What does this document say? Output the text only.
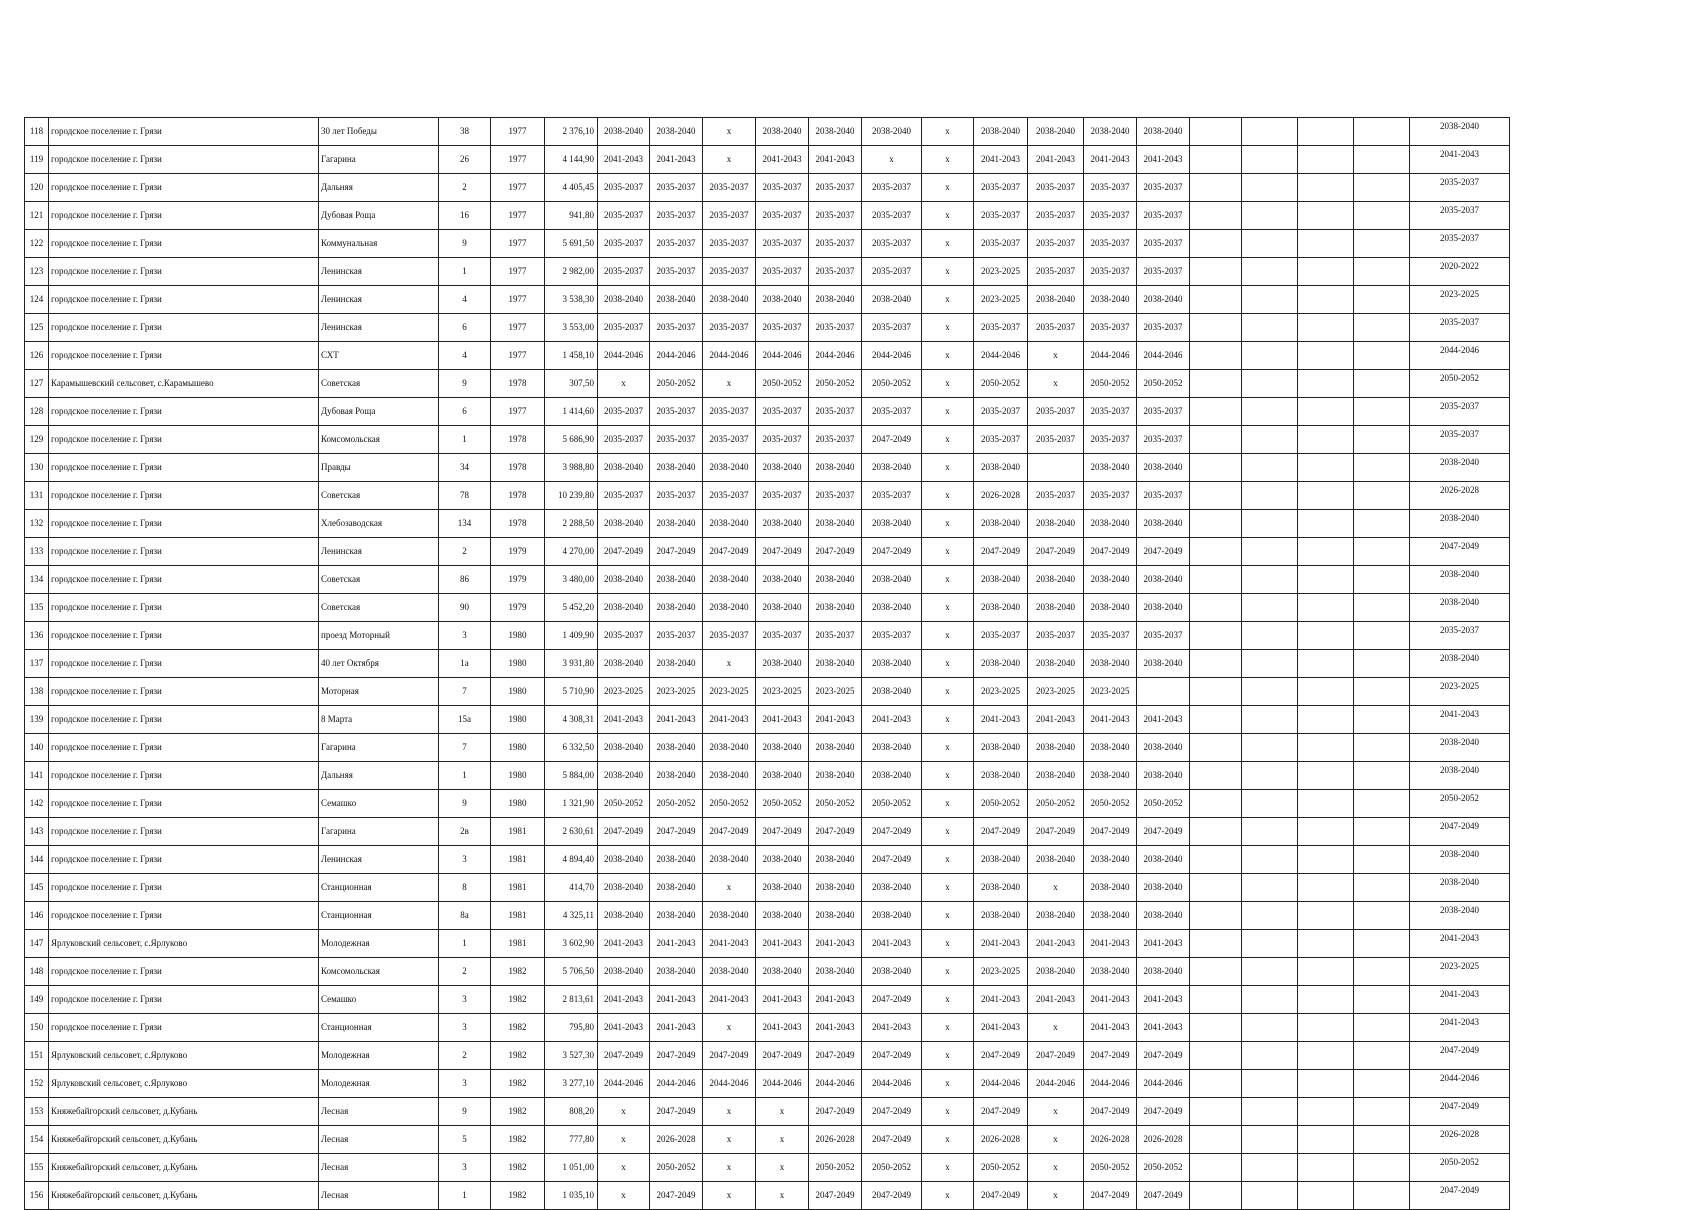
118	городское поселение г. Грязи	30 лет Победы	38	1977	2 376,10	2038-2040	2038-2040	x	2038-2040	2038-2040	2038-2040	x	2038-2040	2038-2040	2038-2040	2038-2040					2038-2040
119	городское поселение г. Грязи	Гагарина	26	1977	4 144,90	2041-2043	2041-2043	x	2041-2043	2041-2043	x	x	2041-2043	2041-2043	2041-2043	2041-2043					2041-2043
120	городское поселение г. Грязи	Дальняя	2	1977	4 405,45	2035-2037	2035-2037	2035-2037	2035-2037	2035-2037	2035-2037	x	2035-2037	2035-2037	2035-2037	2035-2037					2035-2037
121	городское поселение г. Грязи	Дубовая Роща	16	1977	941,80	2035-2037	2035-2037	2035-2037	2035-2037	2035-2037	2035-2037	x	2035-2037	2035-2037	2035-2037	2035-2037					2035-2037
122	городское поселение г. Грязи	Коммунальная	9	1977	5 691,50	2035-2037	2035-2037	2035-2037	2035-2037	2035-2037	2035-2037	x	2035-2037	2035-2037	2035-2037	2035-2037					2035-2037
123	городское поселение г. Грязи	Ленинская	1	1977	2 982,00	2035-2037	2035-2037	2035-2037	2035-2037	2035-2037	2035-2037	x	2023-2025	2035-2037	2035-2037	2035-2037					2020-2022
124	городское поселение г. Грязи	Ленинская	4	1977	3 538,30	2038-2040	2038-2040	2038-2040	2038-2040	2038-2040	2038-2040	x	2023-2025	2038-2040	2038-2040	2038-2040					2023-2025
125	городское поселение г. Грязи	Ленинская	6	1977	3 553,00	2035-2037	2035-2037	2035-2037	2035-2037	2035-2037	2035-2037	x	2035-2037	2035-2037	2035-2037	2035-2037					2035-2037
126	городское поселение г. Грязи	СХТ	4	1977	1 458,10	2044-2046	2044-2046	2044-2046	2044-2046	2044-2046	2044-2046	x	2044-2046	x	2044-2046	2044-2046					2044-2046
127	Карамышевский сельсовет, с.Карамышево	Советская	9	1978	307,50	x	2050-2052	x	2050-2052	2050-2052	2050-2052	x	2050-2052	x	2050-2052	2050-2052					2050-2052
128	городское поселение г. Грязи	Дубовая Роща	6	1977	1 414,60	2035-2037	2035-2037	2035-2037	2035-2037	2035-2037	2035-2037	x	2035-2037	2035-2037	2035-2037	2035-2037					2035-2037
129	городское поселение г. Грязи	Комсомольская	1	1978	5 686,90	2035-2037	2035-2037	2035-2037	2035-2037	2035-2037	2047-2049	x	2035-2037	2035-2037	2035-2037	2035-2037					2035-2037
130	городское поселение г. Грязи	Правды	34	1978	3 988,80	2038-2040	2038-2040	2038-2040	2038-2040	2038-2040	2038-2040	x	2038-2040		2038-2040	2038-2040					2038-2040
131	городское поселение г. Грязи	Советская	78	1978	10 239,80	2035-2037	2035-2037	2035-2037	2035-2037	2035-2037	2035-2037	x	2026-2028	2035-2037	2035-2037	2035-2037					2026-2028
132	городское поселение г. Грязи	Хлебозаводская	134	1978	2 288,50	2038-2040	2038-2040	2038-2040	2038-2040	2038-2040	2038-2040	x	2038-2040	2038-2040	2038-2040	2038-2040					2038-2040
133	городское поселение г. Грязи	Ленинская	2	1979	4 270,00	2047-2049	2047-2049	2047-2049	2047-2049	2047-2049	2047-2049	x	2047-2049	2047-2049	2047-2049	2047-2049					2047-2049
134	городское поселение г. Грязи	Советская	86	1979	3 480,00	2038-2040	2038-2040	2038-2040	2038-2040	2038-2040	2038-2040	x	2038-2040	2038-2040	2038-2040	2038-2040					2038-2040
135	городское поселение г. Грязи	Советская	90	1979	5 452,20	2038-2040	2038-2040	2038-2040	2038-2040	2038-2040	2038-2040	x	2038-2040	2038-2040	2038-2040	2038-2040					2038-2040
136	городское поселение г. Грязи	проезд Моторный	3	1980	1 409,90	2035-2037	2035-2037	2035-2037	2035-2037	2035-2037	2035-2037	x	2035-2037	2035-2037	2035-2037	2035-2037					2035-2037
137	городское поселение г. Грязи	40 лет Октября	1а	1980	3 931,80	2038-2040	2038-2040	x	2038-2040	2038-2040	2038-2040	x	2038-2040	2038-2040	2038-2040	2038-2040					2038-2040
138	городское поселение г. Грязи	Моторная	7	1980	5 710,90	2023-2025	2023-2025	2023-2025	2023-2025	2023-2025	2038-2040	x	2023-2025	2023-2025	2023-2025						2023-2025
139	городское поселение г. Грязи	8 Марта	15а	1980	4 308,31	2041-2043	2041-2043	2041-2043	2041-2043	2041-2043	2041-2043	x	2041-2043	2041-2043	2041-2043	2041-2043					2041-2043
140	городское поселение г. Грязи	Гагарина	7	1980	6 332,50	2038-2040	2038-2040	2038-2040	2038-2040	2038-2040	2038-2040	x	2038-2040	2038-2040	2038-2040	2038-2040					2038-2040
141	городское поселение г. Грязи	Дальняя	1	1980	5 884,00	2038-2040	2038-2040	2038-2040	2038-2040	2038-2040	2038-2040	x	2038-2040	2038-2040	2038-2040	2038-2040					2038-2040
142	городское поселение г. Грязи	Семашко	9	1980	1 321,90	2050-2052	2050-2052	2050-2052	2050-2052	2050-2052	2050-2052	x	2050-2052	2050-2052	2050-2052	2050-2052					2050-2052
143	городское поселение г. Грязи	Гагарина	2в	1981	2 630,61	2047-2049	2047-2049	2047-2049	2047-2049	2047-2049	2047-2049	x	2047-2049	2047-2049	2047-2049	2047-2049					2047-2049
144	городское поселение г. Грязи	Ленинская	3	1981	4 894,40	2038-2040	2038-2040	2038-2040	2038-2040	2038-2040	2047-2049	x	2038-2040	2038-2040	2038-2040	2038-2040					2038-2040
145	городское поселение г. Грязи	Станционная	8	1981	414,70	2038-2040	2038-2040	x	2038-2040	2038-2040	2038-2040	x	2038-2040	x	2038-2040	2038-2040					2038-2040
146	городское поселение г. Грязи	Станционная	8а	1981	4 325,11	2038-2040	2038-2040	2038-2040	2038-2040	2038-2040	2038-2040	x	2038-2040	2038-2040	2038-2040	2038-2040					2038-2040
147	Ярлуковский сельсовет, с.Ярлуково	Молодежная	1	1981	3 602,90	2041-2043	2041-2043	2041-2043	2041-2043	2041-2043	2041-2043	x	2041-2043	2041-2043	2041-2043	2041-2043					2041-2043
148	городское поселение г. Грязи	Комсомольская	2	1982	5 706,50	2038-2040	2038-2040	2038-2040	2038-2040	2038-2040	2038-2040	x	2023-2025	2038-2040	2038-2040	2038-2040					2023-2025
149	городское поселение г. Грязи	Семашко	3	1982	2 813,61	2041-2043	2041-2043	2041-2043	2041-2043	2041-2043	2047-2049	x	2041-2043	2041-2043	2041-2043	2041-2043					2041-2043
150	городское поселение г. Грязи	Станционная	3	1982	795,80	2041-2043	2041-2043	x	2041-2043	2041-2043	2041-2043	x	2041-2043	x	2041-2043	2041-2043					2041-2043
151	Ярлуковский сельсовет, с.Ярлуково	Молодежная	2	1982	3 527,30	2047-2049	2047-2049	2047-2049	2047-2049	2047-2049	2047-2049	x	2047-2049	2047-2049	2047-2049	2047-2049					2047-2049
152	Ярлуковский сельсовет, с.Ярлуково	Молодежная	3	1982	3 277,10	2044-2046	2044-2046	2044-2046	2044-2046	2044-2046	2044-2046	x	2044-2046	2044-2046	2044-2046	2044-2046					2044-2046
153	Княжебайгорский сельсовет, д.Кубань	Лесная	9	1982	808,20	x	2047-2049	x	x	2047-2049	2047-2049	x	2047-2049	x	2047-2049	2047-2049					2047-2049
154	Княжебайгорский сельсовет, д.Кубань	Лесная	5	1982	777,80	x	2026-2028	x	x	2026-2028	2047-2049	x	2026-2028	x	2026-2028	2026-2028					2026-2028
155	Княжебайгорский сельсовет, д.Кубань	Лесная	3	1982	1 051,00	x	2050-2052	x	x	2050-2052	2050-2052	x	2050-2052	x	2050-2052	2050-2052					2050-2052
156	Княжебайгорский сельсовет, д.Кубань	Лесная	1	1982	1 035,10	x	2047-2049	x	x	2047-2049	2047-2049	x	2047-2049	x	2047-2049	2047-2049					2047-2049
